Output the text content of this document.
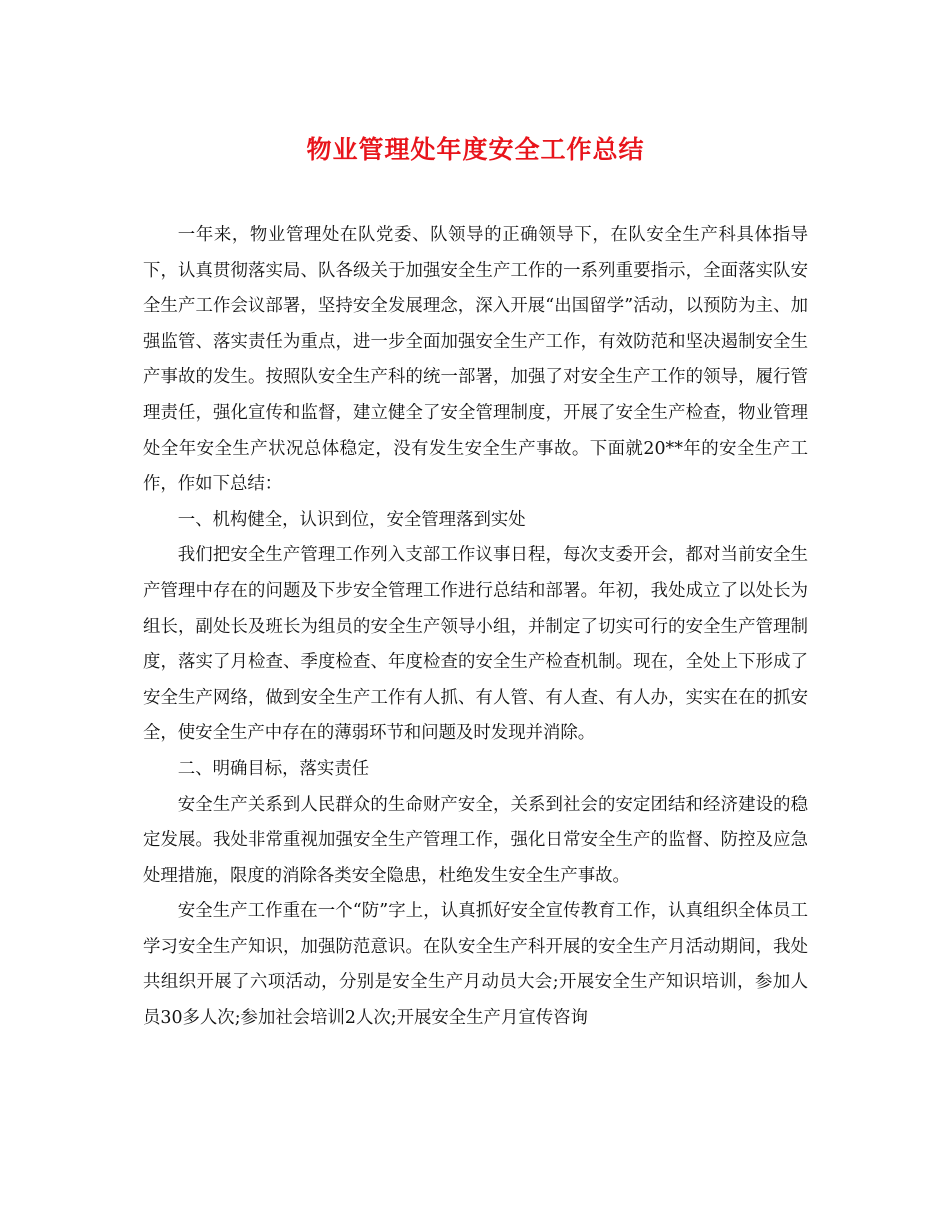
物业管理处年度安全工作总结

一年来，物业管理处在队党委、队领导的正确领导下，在队安全生产科具体指导下，认真贯彻落实局、队各级关于加强安全生产工作的一系列重要指示，全面落实队安全生产工作会议部署，坚持安全发展理念，深入开展“出国留学”活动，以预防为主、加强监管、落实责任为重点，进一步全面加强安全生产工作，有效防范和坚决遏制安全生产事故的发生。按照队安全生产科的统一部署，加强了对安全生产工作的领导，履行管理责任，强化宣传和监督，建立健全了安全管理制度，开展了安全生产检查，物业管理处全年安全生产状况总体稳定，没有发生安全生产事故。下面就20**年的安全生产工作，作如下总结：

一、机构健全，认识到位，安全管理落到实处

我们把安全生产管理工作列入支部工作议事日程，每次支委开会，都对当前安全生产管理中存在的问题及下步安全管理工作进行总结和部署。年初，我处成立了以处长为组长，副处长及班长为组员的安全生产领导小组，并制定了切实可行的安全生产管理制度，落实了月检查、季度检查、年度检查的安全生产检查机制。现在，全处上下形成了安全生产网络，做到安全生产工作有人抓、有人管、有人查、有人办，实实在在的抓安全，使安全生产中存在的薄弱环节和问题及时发现并消除。

二、明确目标，落实责任

安全生产关系到人民群众的生命财产安全，关系到社会的安定团结和经济建设的稳定发展。我处非常重视加强安全生产管理工作，强化日常安全生产的监督、防控及应急处理措施，限度的消除各类安全隐患，杜绝发生安全生产事故。

安全生产工作重在一个“防”字上，认真抓好安全宣传教育工作，认真组织全体员工学习安全生产知识，加强防范意识。在队安全生产科开展的安全生产月活动期间，我处共组织开展了六项活动，分别是安全生产月动员大会;开展安全生产知识培训，参加人员30多人次;参加社会培训2人次;开展安全生产月宣传咨询
